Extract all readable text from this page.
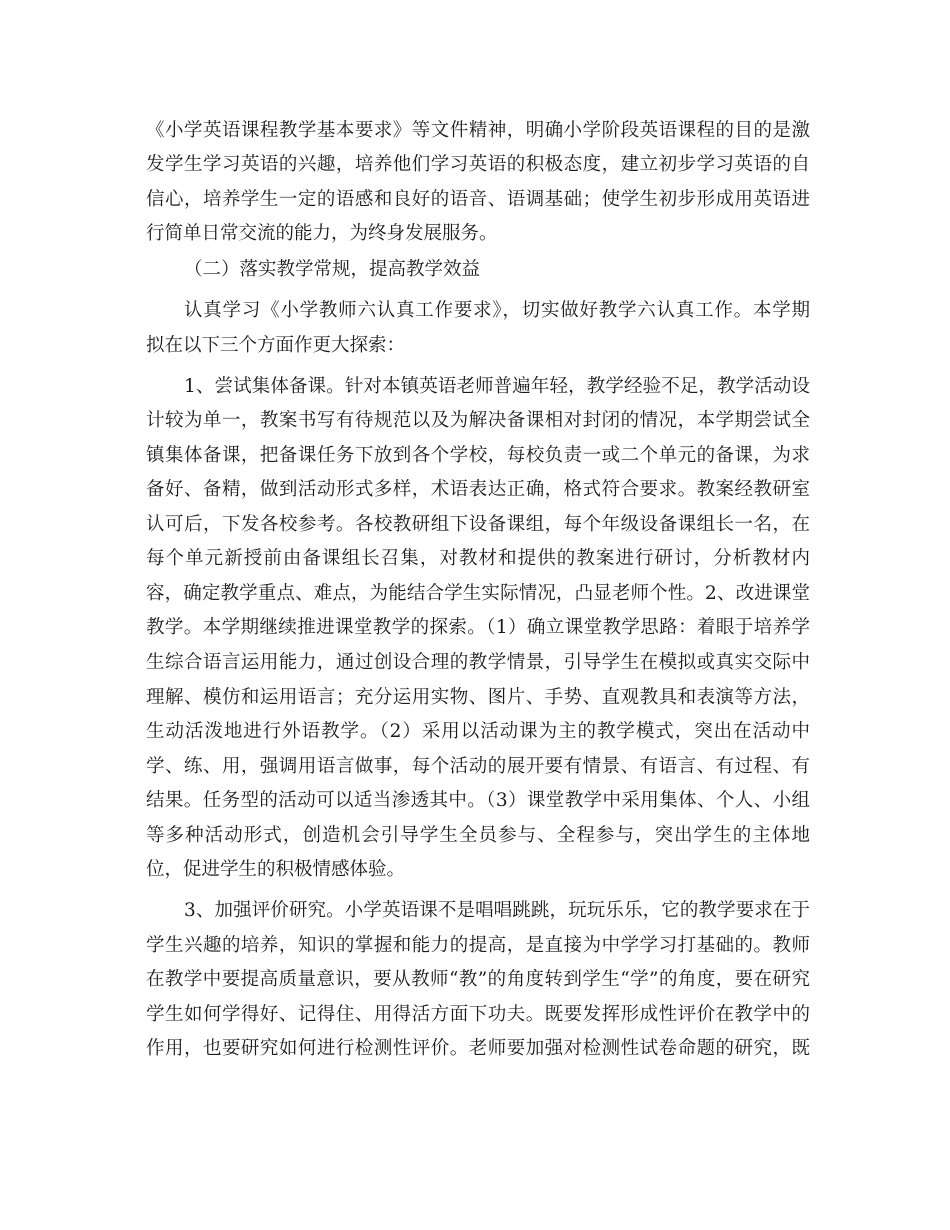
《小学英语课程教学基本要求》等文件精神，明确小学阶段英语课程的目的是激
发学生学习英语的兴趣，培养他们学习英语的积极态度，建立初步学习英语的自
信心，培养学生一定的语感和良好的语音、语调基础；使学生初步形成用英语进
行简单日常交流的能力，为终身发展服务。
（二）落实教学常规，提高教学效益
认真学习《小学教师六认真工作要求》，切实做好教学六认真工作。本学期
拟在以下三个方面作更大探索：
1、尝试集体备课。针对本镇英语老师普遍年轻，教学经验不足，教学活动设
计较为单一，教案书写有待规范以及为解决备课相对封闭的情况，本学期尝试全
镇集体备课，把备课任务下放到各个学校，每校负责一或二个单元的备课，为求
备好、备精，做到活动形式多样，术语表达正确，格式符合要求。教案经教研室
认可后，下发各校参考。各校教研组下设备课组，每个年级设备课组长一名，在
每个单元新授前由备课组长召集，对教材和提供的教案进行研讨，分析教材内
容，确定教学重点、难点，为能结合学生实际情况，凸显老师个性。2、改进课堂
教学。本学期继续推进课堂教学的探索。（1）确立课堂教学思路：着眼于培养学
生综合语言运用能力，通过创设合理的教学情景，引导学生在模拟或真实交际中
理解、模仿和运用语言；充分运用实物、图片、手势、直观教具和表演等方法，
生动活泼地进行外语教学。（2）采用以活动课为主的教学模式，突出在活动中
学、练、用，强调用语言做事，每个活动的展开要有情景、有语言、有过程、有
结果。任务型的活动可以适当渗透其中。（3）课堂教学中采用集体、个人、小组
等多种活动形式，创造机会引导学生全员参与、全程参与，突出学生的主体地
位，促进学生的积极情感体验。
3、加强评价研究。小学英语课不是唱唱跳跳，玩玩乐乐，它的教学要求在于
学生兴趣的培养，知识的掌握和能力的提高，是直接为中学学习打基础的。教师
在教学中要提高质量意识，要从教师“教”的角度转到学生“学”的角度，要在研究
学生如何学得好、记得住、用得活方面下功夫。既要发挥形成性评价在教学中的
作用，也要研究如何进行检测性评价。老师要加强对检测性试卷命题的研究，既
